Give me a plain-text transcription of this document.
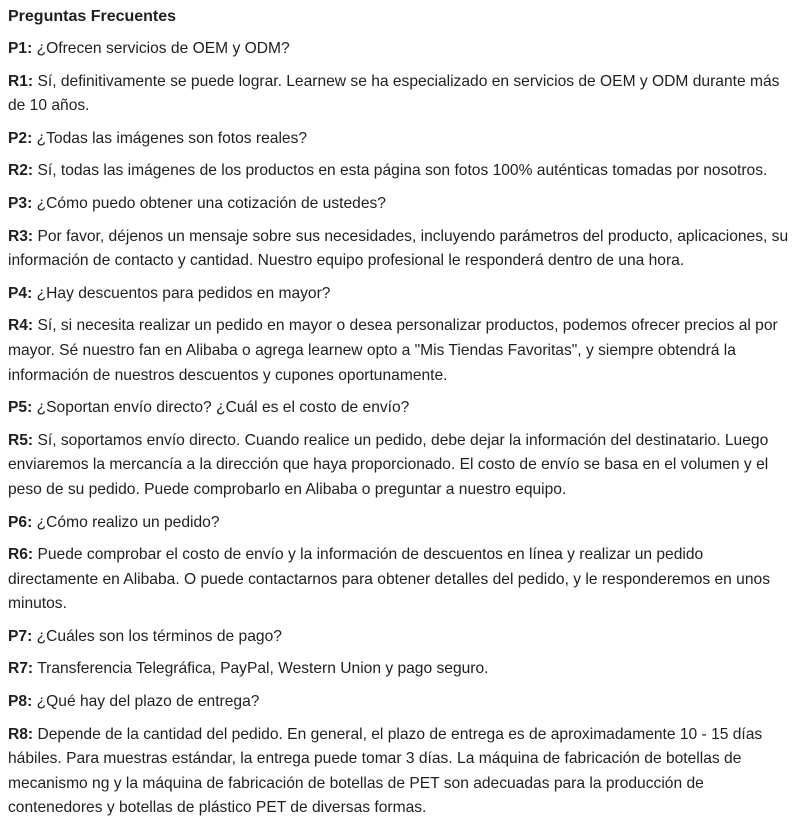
Preguntas Frecuentes
P1: ¿Ofrecen servicios de OEM y ODM?
R1: Sí, definitivamente se puede lograr. Learnew se ha especializado en servicios de OEM y ODM durante más de 10 años.
P2: ¿Todas las imágenes son fotos reales?
R2: Sí, todas las imágenes de los productos en esta página son fotos 100% auténticas tomadas por nosotros.
P3: ¿Cómo puedo obtener una cotización de ustedes?
R3: Por favor, déjenos un mensaje sobre sus necesidades, incluyendo parámetros del producto, aplicaciones, su información de contacto y cantidad. Nuestro equipo profesional le responderá dentro de una hora.
P4: ¿Hay descuentos para pedidos en mayor?
R4: Sí, si necesita realizar un pedido en mayor o desea personalizar productos, podemos ofrecer precios al por mayor. Sé nuestro fan en Alibaba o agrega learnew opto a "Mis Tiendas Favoritas", y siempre obtendrá la información de nuestros descuentos y cupones oportunamente.
P5: ¿Soportan envío directo? ¿Cuál es el costo de envío?
R5: Sí, soportamos envío directo. Cuando realice un pedido, debe dejar la información del destinatario. Luego enviaremos la mercancía a la dirección que haya proporcionado. El costo de envío se basa en el volumen y el peso de su pedido. Puede comprobarlo en Alibaba o preguntar a nuestro equipo.
P6: ¿Cómo realizo un pedido?
R6: Puede comprobar el costo de envío y la información de descuentos en línea y realizar un pedido directamente en Alibaba. O puede contactarnos para obtener detalles del pedido, y le responderemos en unos minutos.
P7: ¿Cuáles son los términos de pago?
R7: Transferencia Telegráfica, PayPal, Western Union y pago seguro.
P8: ¿Qué hay del plazo de entrega?
R8: Depende de la cantidad del pedido. En general, el plazo de entrega es de aproximadamente 10 - 15 días hábiles. Para muestras estándar, la entrega puede tomar 3 días. La máquina de fabricación de botellas de mecanismo ng y la máquina de fabricación de botellas de PET son adecuadas para la producción de contenedores y botellas de plástico PET de diversas formas.
